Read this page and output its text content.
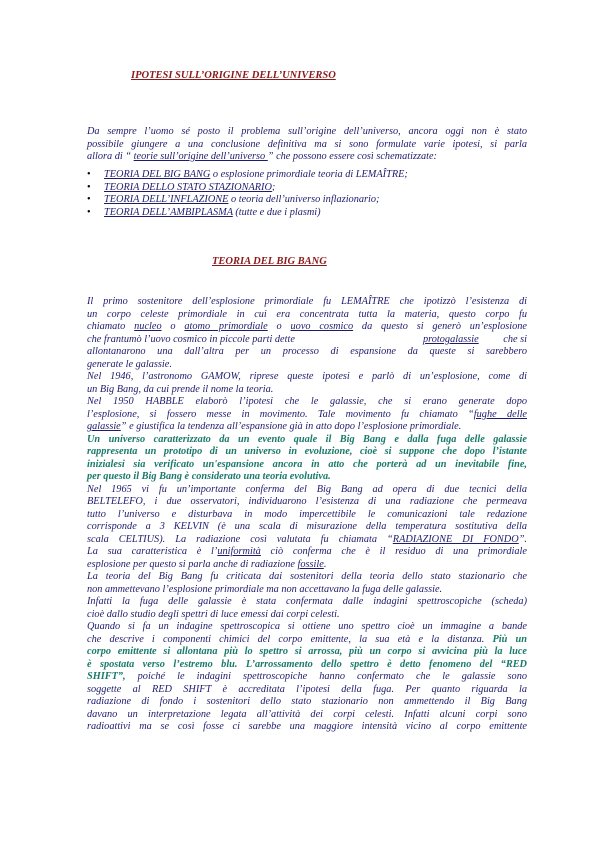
IPOTESI SULL’ORIGINE DELL’UNIVERSO
Da sempre l’uomo sé posto il problema sull’origine dell’universo, ancora oggi non è stato
possibile giungere a una conclusione definitiva ma si sono formulate varie ipotesi, si parla
allora di “ teorie sull’origine dell’universo ” che possono essere così schematizzate:
• TEORIA DEL BIG BANG o esplosione primordiale teoria di LEMAÎTRE;
• TEORIA DELLO STATO STAZIONARIO;
• TEORIA DELL’INFLAZIONE o teoria dell’universo inflazionario;
• TEORIA DELL’AMBIPLASMA (tutte e due i plasmi)
TEORIA DEL BIG BANG
Il primo sostenitore dell’esplosione primordiale fu LEMAÎTRE che ipotizzò l’esistenza di
un corpo celeste primordiale in cui era concentrata tutta la materia, questo corpo fu
chiamato nucleo o atomo primordiale o uovo cosmico da questo si generò un’esplosione
che frantumò l’uovo cosmico in piccole parti dette	protogalassie che si
allontanarono una dall’altra per un processo di espansione da queste si sarebbero
generate le galassie.
Nel 1946, l’astronomo GAMOW, riprese queste ipotesi e parlò di un’esplosione, come di
un Big Bang, da cui prende il nome la teoria.
Nel 1950 HABBLE elaborò l’ipotesi che le galassie, che si erano generate dopo
l’esplosione, si fossero messe in movimento. Tale movimento fu chiamato “fughe delle
galassie” e giustifica la tendenza all’espansione già in atto dopo l’esplosione primordiale.
Un universo caratterizzato da un evento quale il Big Bang e dalla fuga delle galassie
rappresenta un prototipo di un universo in evoluzione, cioè si suppone che dopo l’istante
inizialesi sia verificato un'espansione ancora in atto che porterà ad un inevitabile fine,
per questo il Big Bang è considerato una teoria evolutiva.
Nel 1965 vi fu un’importante conferma del Big Bang ad opera di due tecnici della
BELTELEFO, i due osservatori, individuarono l’esistenza di una radiazione che permeava
tutto l’universo e disturbava in modo impercettibile le comunicazioni tale redazione
corrisponde a 3 KELVIN (è una scala di misurazione della temperatura sostitutiva della
scala CELTIUS). La radiazione così valutata fu chiamata “RADIAZIONE DI FONDO”.
La sua caratteristica è l’uniformità ciò conferma che è il residuo di una primordiale
esplosione per questo si parla anche di radiazione fossile.
La teoria del Big Bang fu criticata dai sostenitori della teoria dello stato stazionario che
non ammettevano l’esplosione primordiale ma non accettavano la fuga delle galassie.
Infatti la fuga delle galassie è stata confermata dalle indagini spettroscopiche (scheda)
cioè dallo studio degli spettri di luce emessi dai corpi celesti.
Quando si fa un indagine spettroscopica si ottiene uno spettro cioè un immagine a bande
che descrive i componenti chimici del corpo emittente, la sua età e la distanza. Più un
corpo emittente si allontana più lo spettro si arrossa, più un corpo si avvicina più la luce
è spostata verso l’estremo blu. L’arrossamento dello spettro è detto fenomeno del “RED
SHIFT”, poiché le indagini spettroscopiche hanno confermato che le galassie sono
soggette al RED SHIFT è accreditata l’ipotesi della fuga. Per quanto riguarda la
radiazione di fondo i sostenitori dello stato stazionario non ammettendo il Big Bang
davano un interpretazione legata all’attività dei corpi celesti. Infatti alcuni corpi sono
radioattivi ma se così fosse ci sarebbe una maggiore intensità vicino al corpo emittente
